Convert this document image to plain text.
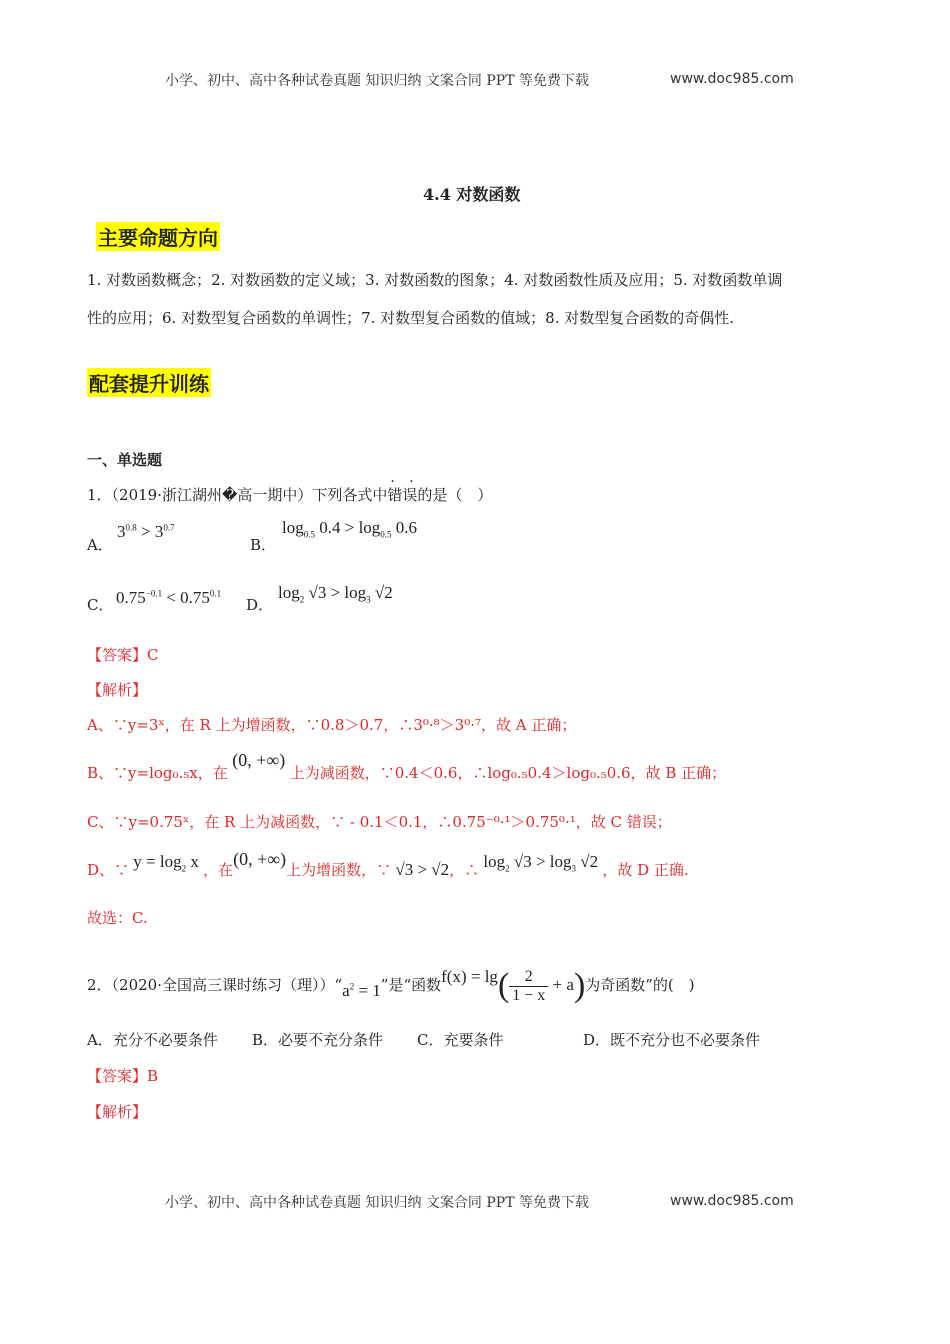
小学、初中、高中各种试卷真题 知识归纳 文案合同 PPT 等免费下载	www.doc985.com
4.4 对数函数
主要命题方向
1. 对数函数概念；2. 对数函数的定义域；3. 对数函数的图象；4. 对数函数性质及应用；5. 对数函数单调
性的应用；6. 对数型复合函数的单调性；7. 对数型复合函数的值域；8. 对数型复合函数的奇偶性.
配套提升训练
一、单选题
1．（2019·浙江湖州�高一期中）下列各式中错误 · ·的是（　）
A．
$3^{0.8} > 3^{0.7}$
B．
$\log_{0.5} 0.4 > \log_{0.5} 0.6$
C． $0.75^{-0.1} < 0.75^{0.1}$
D．
$\log_2 √3 > \log_3 √2$
【答案】C
【解析】
A、∵y=3ˣ，在 R 上为增函数，∵0.8＞0.7，∴3⁰·⁸＞3⁰·⁷，故 A 正确；
B、∵y=log₀.₅x，在 (0, +∞) 上为减函数，∵0.4＜0.6，∴log₀.₅0.4＞log₀.₅0.6，故 B 正确；
C、∵y=0.75ˣ，在 R 上为减函数，∵ - 0.1＜0.1，∴0.75⁻⁰·¹＞0.75⁰·¹，故 C 错误；
D、∵ $y = \log_2 x$ ，在(0, +∞)上为增函数，∵ √3 > √2，∴ $\log_2 √3 > \log_3 √2$ ，故 D 正确.
故选：C.
2．（2020·全国高三课时练习（理））“$a^2 = 1$”是“函数$f(x) = \lg( \frac{2}{1 - x} + a)$为奇函数”的(　)
A．充分不必要条件 B．必要不充分条件 C．充要条件	D．既不充分也不必要条件
【答案】B
【解析】
小学、初中、高中各种试卷真题 知识归纳 文案合同 PPT 等免费下载	www.doc985.com
